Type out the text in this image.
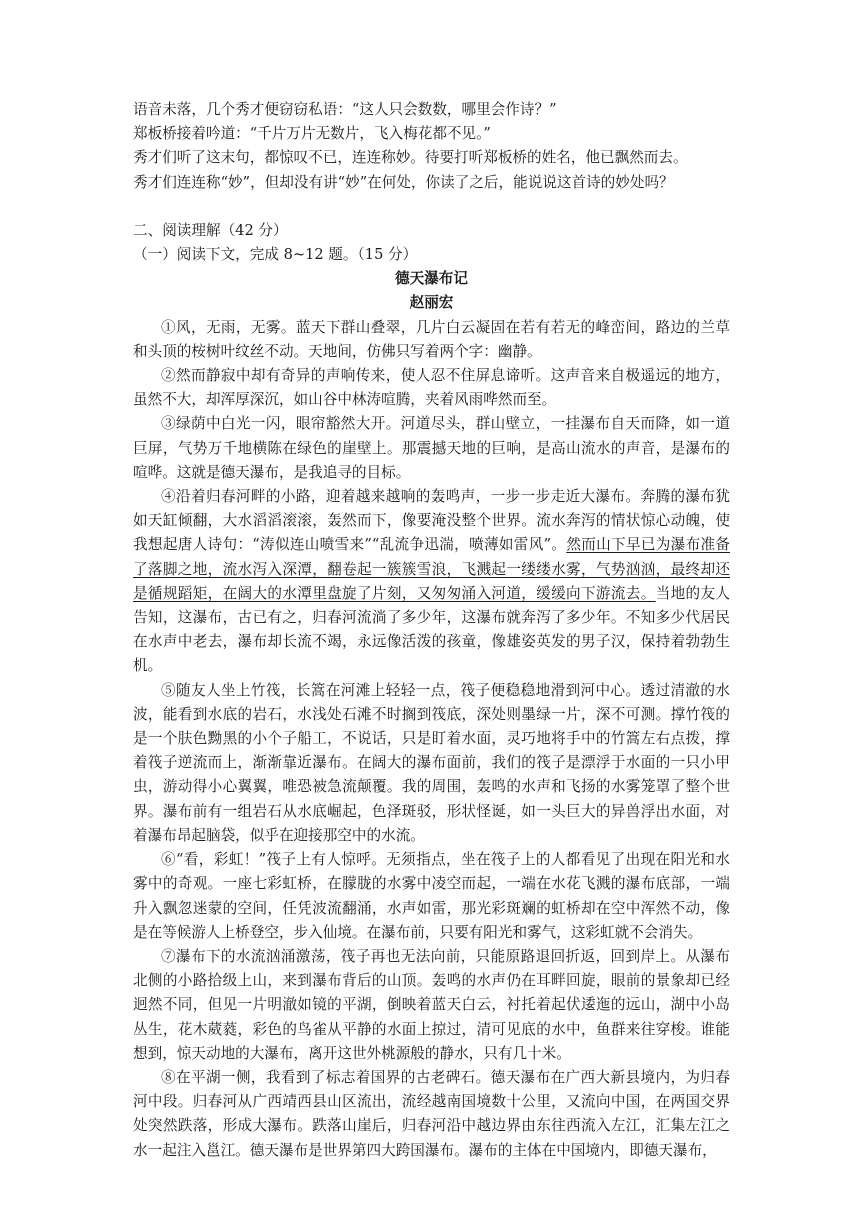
语音未落，几个秀才便窃窃私语：“这人只会数数，哪里会作诗？”
郑板桥接着吟道：“千片万片无数片，飞入梅花都不见。”
秀才们听了这末句，都惊叹不已，连连称妙。待要打听郑板桥的姓名，他已飘然而去。
秀才们连连称“妙”，但却没有讲“妙”在何处，你读了之后，能说说这首诗的妙处吗？
二、阅读理解（42 分）
（一）阅读下文，完成 8~12 题。（15 分）
德天瀑布记
赵丽宏

①风，无雨，无雾。蓝天下群山叠翠，几片白云凝固在若有若无的峰峦间，路边的兰草和头顶的桉树叶纹丝不动。天地间，仿佛只写着两个字：幽静。

②然而静寂中却有奇异的声响传来，使人忍不住屏息谛听。这声音来自极遥远的地方，虽然不大，却浑厚深沉，如山谷中林涛喧腾，夹着风雨哗然而至。

③绿荫中白光一闪，眼帘豁然大开。河道尽头，群山壁立，一挂瀑布自天而降，如一道巨屏，气势万千地横陈在绿色的崖壁上。那震撼天地的巨响，是高山流水的声音，是瀑布的喧哗。这就是德天瀑布，是我追寻的目标。

④沿着归春河畔的小路，迎着越来越响的轰鸣声，一步一步走近大瀑布。奔腾的瀑布犹如天缸倾翻，大水滔滔滚滚，轰然而下，像要淹没整个世界。流水奔泻的情状惊心动魄，使我想起唐人诗句：“涛似连山喷雪来”“乱流争迅湍，喷薄如雷风”。然而山下早已为瀑布准备了落脚之地，流水泻入深潭，翻卷起一簇簇雪浪，飞溅起一缕缕水雾，气势汹汹，最终却还是循规蹈矩，在阔大的水潭里盘旋了片刻，又匆匆涌入河道，缓缓向下游流去。当地的友人告知，这瀑布，古已有之，归春河流淌了多少年，这瀑布就奔泻了多少年。不知多少代居民在水声中老去，瀑布却长流不竭，永远像活泼的孩童，像雄姿英发的男子汉，保持着勃勃生机。

⑤随友人坐上竹筏，长篙在河滩上轻轻一点，筏子便稳稳地滑到河中心。透过清澈的水波，能看到水底的岩石，水浅处石滩不时搁到筏底，深处则墨绿一片，深不可测。撑竹筏的是一个肤色黝黑的小个子船工，不说话，只是盯着水面，灵巧地将手中的竹篙左右点拨，撑着筏子逆流而上，渐渐靠近瀑布。在阔大的瀑布面前，我们的筏子是漂浮于水面的一只小甲虫，游动得小心翼翼，唯恐被急流颠覆。我的周围，轰鸣的水声和飞扬的水雾笼罩了整个世界。瀑布前有一组岩石从水底崛起，色泽斑驳，形状怪诞，如一头巨大的异兽浮出水面，对着瀑布昂起脑袋，似乎在迎接那空中的水流。

⑥“看，彩虹！”筏子上有人惊呼。无须指点，坐在筏子上的人都看见了出现在阳光和水雾中的奇观。一座七彩虹桥，在朦胧的水雾中凌空而起，一端在水花飞溅的瀑布底部，一端升入飘忽迷蒙的空间，任凭波流翻涌，水声如雷，那光彩斑斓的虹桥却在空中浑然不动，像是在等候游人上桥登空，步入仙境。在瀑布前，只要有阳光和雾气，这彩虹就不会消失。

⑦瀑布下的水流汹涌激荡，筏子再也无法向前，只能原路退回折返，回到岸上。从瀑布北侧的小路拾级上山，来到瀑布背后的山顶。轰鸣的水声仍在耳畔回旋，眼前的景象却已经迥然不同，但见一片明澈如镜的平湖，倒映着蓝天白云，衬托着起伏逶迤的远山，湖中小岛丛生，花木葳蕤，彩色的鸟雀从平静的水面上掠过，清可见底的水中，鱼群来往穿梭。谁能想到，惊天动地的大瀑布，离开这世外桃源般的静水，只有几十米。

⑧在平湖一侧，我看到了标志着国界的古老碑石。德天瀑布在广西大新县境内，为归春河中段。归春河从广西靖西县山区流出，流经越南国境数十公里，又流向中国，在两国交界处突然跌落，形成大瀑布。跌落山崖后，归春河沿中越边界由东往西流入左江，汇集左江之水一起注入邕江。德天瀑布是世界第四大跨国瀑布。瀑布的主体在中国境内，即德天瀑布，
